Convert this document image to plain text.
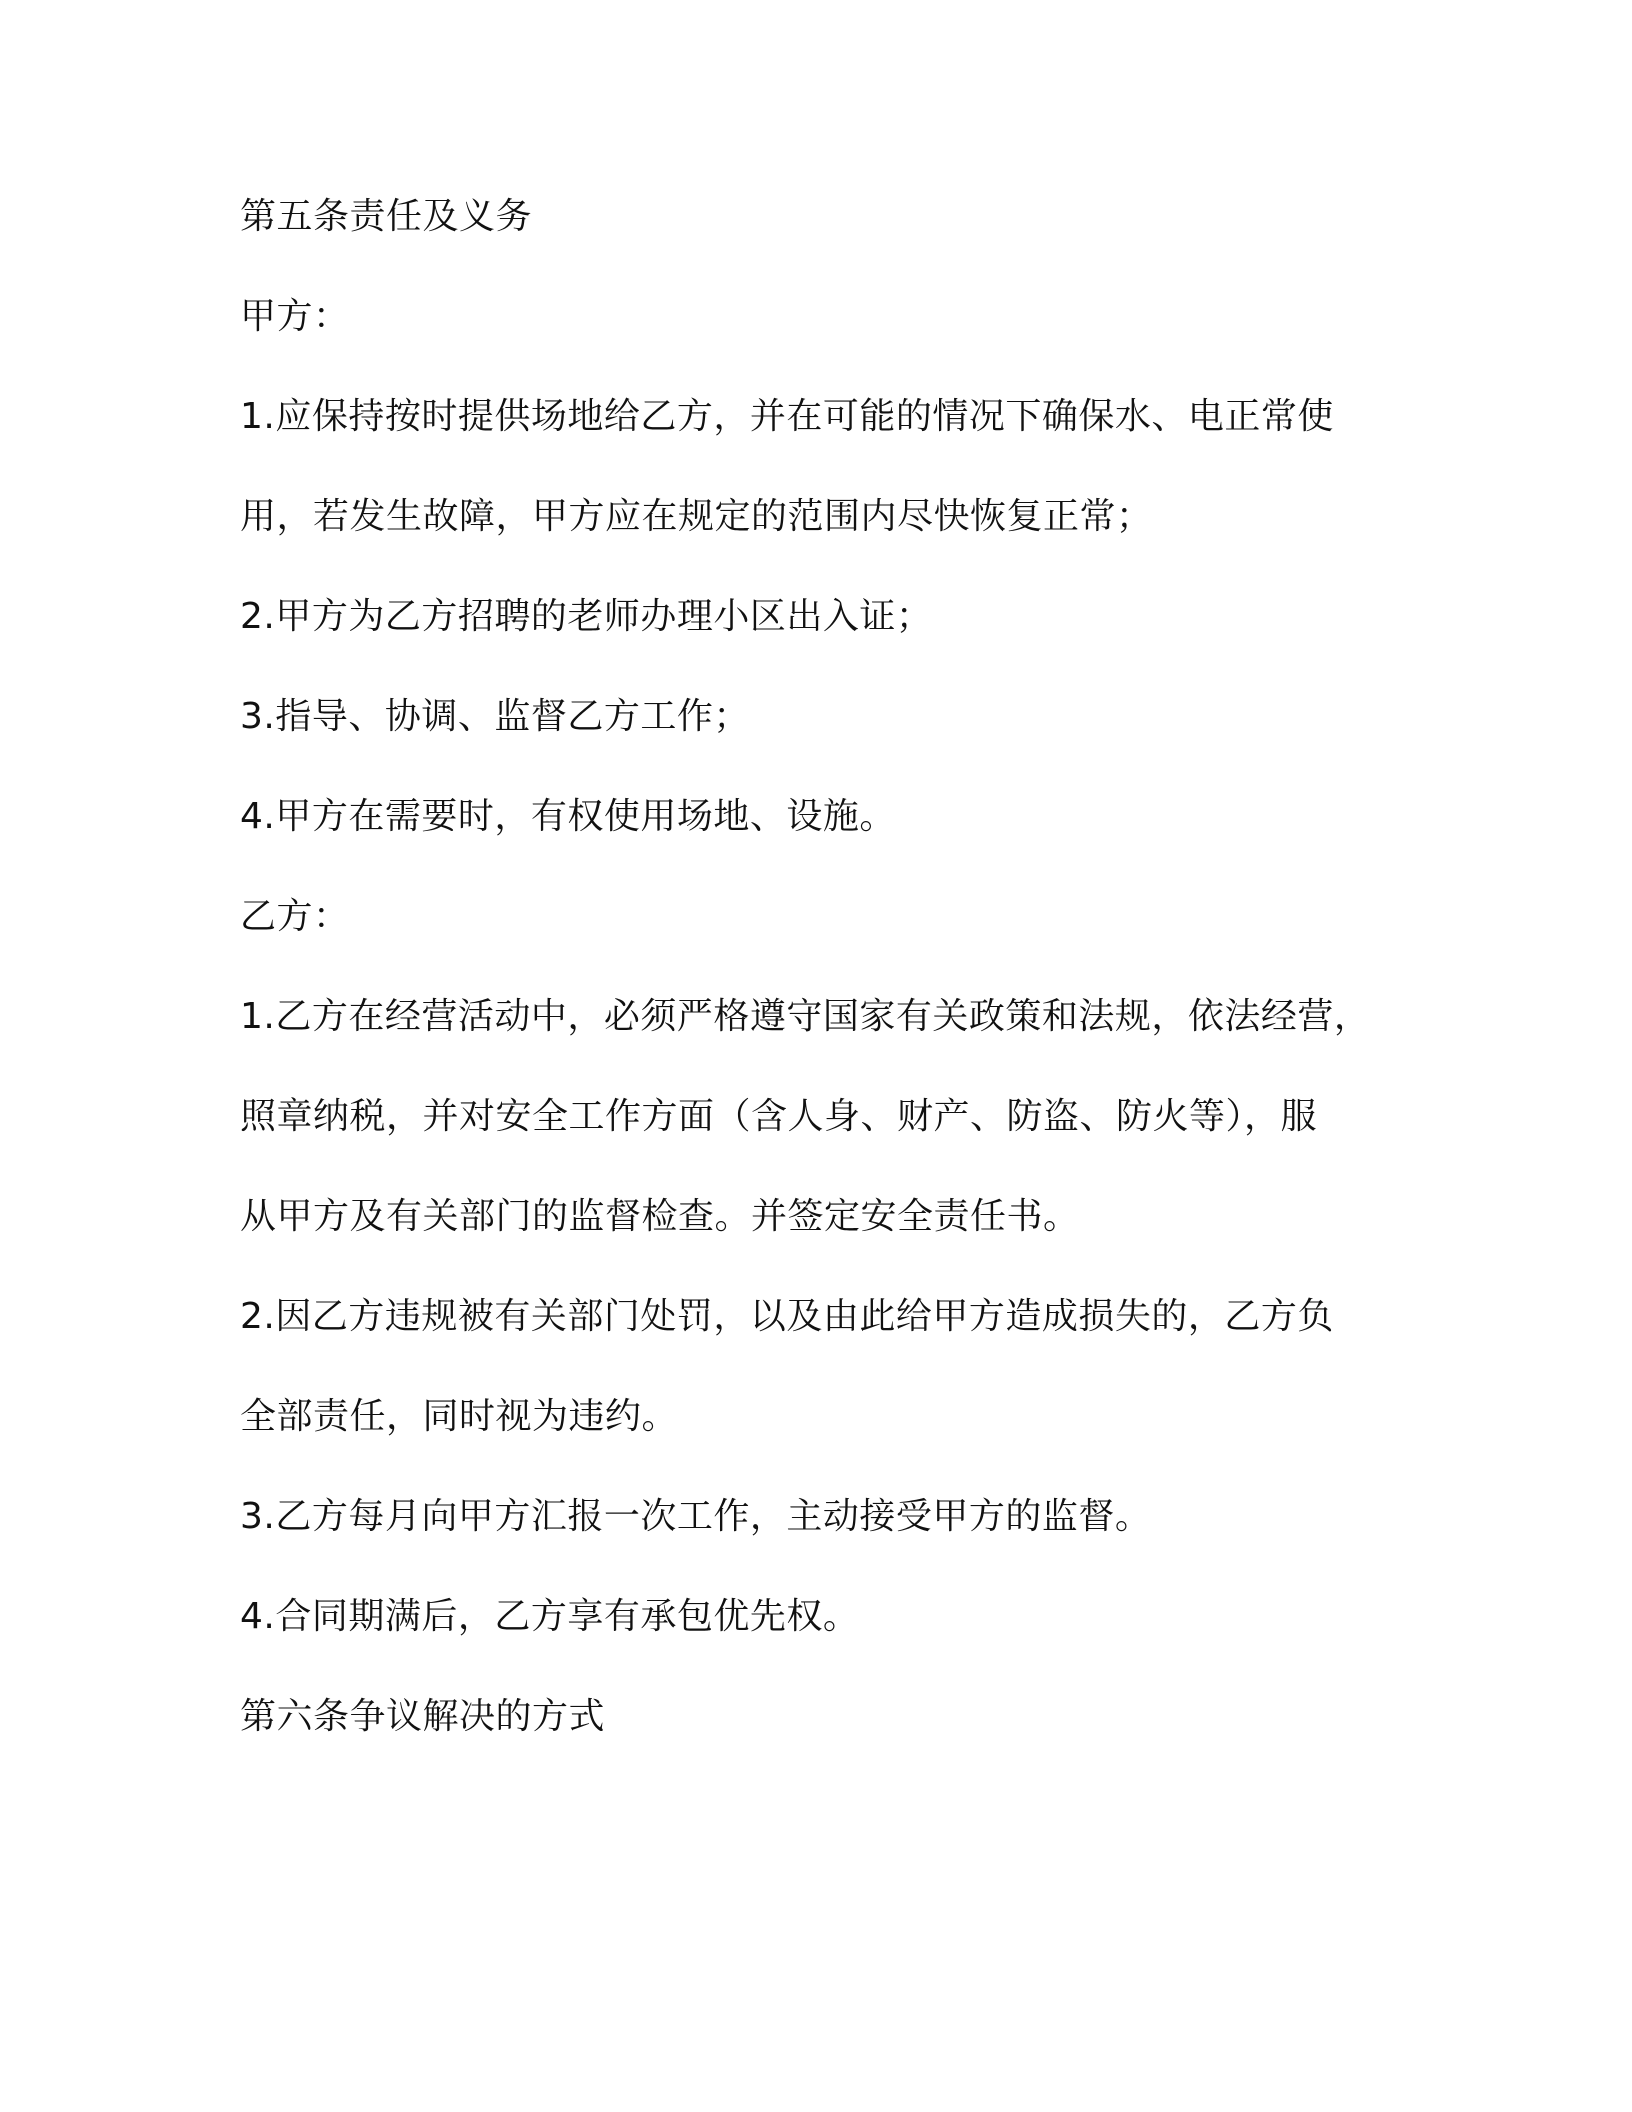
第五条责任及义务
甲方：
1.应保持按时提供场地给乙方，并在可能的情况下确保水、电正常使
用，若发生故障，甲方应在规定的范围内尽快恢复正常；
2.甲方为乙方招聘的老师办理小区出入证；
3.指导、协调、监督乙方工作；
4.甲方在需要时，有权使用场地、设施。
乙方：
1.乙方在经营活动中，必须严格遵守国家有关政策和法规，依法经营，
照章纳税，并对安全工作方面（含人身、财产、防盗、防火等），服
从甲方及有关部门的监督检查。并签定安全责任书。
2.因乙方违规被有关部门处罚，以及由此给甲方造成损失的，乙方负
全部责任，同时视为违约。
3.乙方每月向甲方汇报一次工作，主动接受甲方的监督。
4.合同期满后，乙方享有承包优先权。
第六条争议解决的方式
